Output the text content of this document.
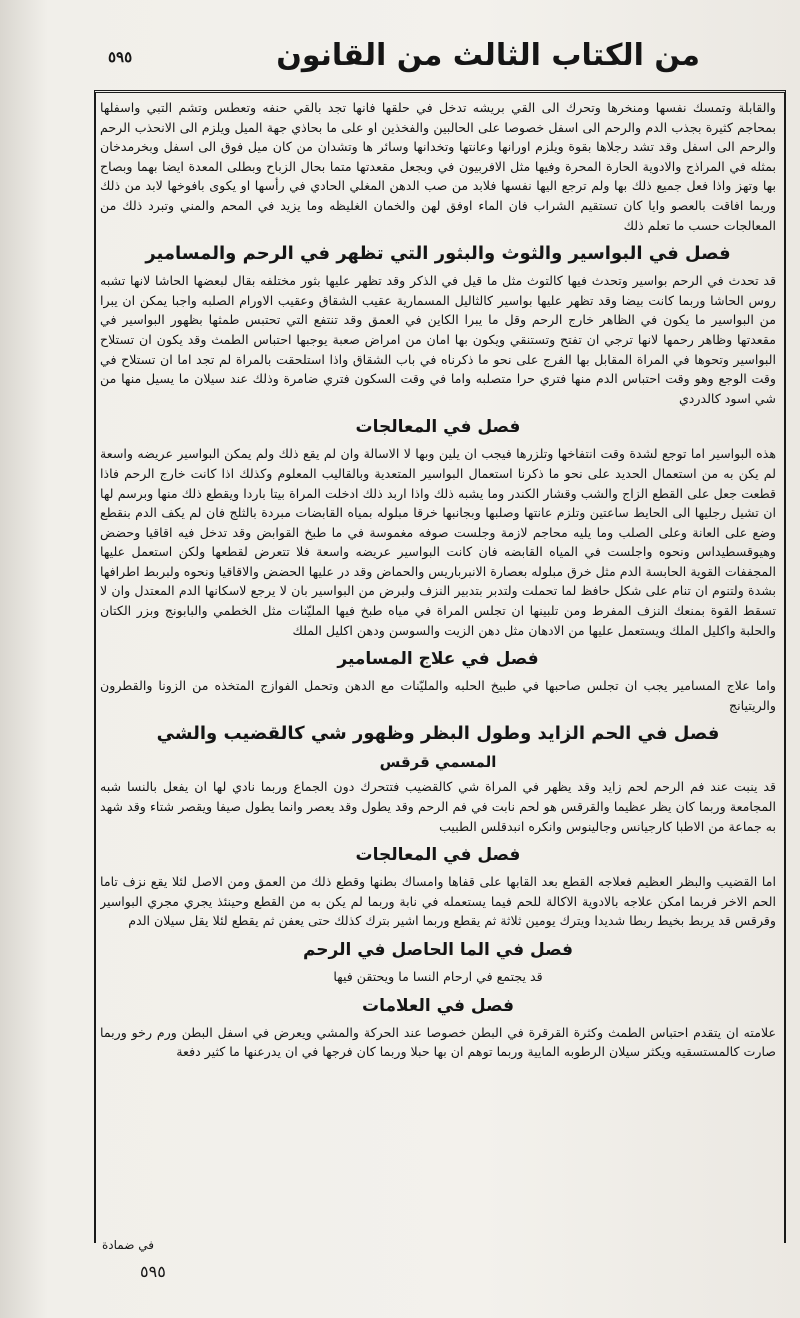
٥٩٥	من الكتاب الثالث من القانون

والقابلة وتمسك نفسها ومنخرها وتحرك الى القي بريشه تدخل في حلقها فانها تجد بالقي حنفه وتعطس وتشم التبي واسفلها بمحاجم كثيرة بجذب الدم والرحم الى اسفل خصوصا على الحالبين والفخذين او على ما بحاذي جهة الميل ويلزم الى الانحذب الرحم والرحم الى اسفل وقد تشد رجلاها بقوة ويلزم اورانها وعانتها وتخدانها وسائر ها وتشدان من كان ميل فوق الى اسفل وبخرمدخان بمثله في المراذج والادوية الحارة المحرة وفيها مثل الافربيون في وبجعل مقعدتها متما بحال الزباح وبطلى المعدة ايضا بهما وبصاح بها وتهز واذا فعل جميع ذلك بها ولم ترجع اليها نفسها فلابد من صب الدهن المغلي الحادي في رأسها او يكوى بافوخها لابد من ذلك وربما افاقت بالعصو وايا كان تستقيم الشراب فان الماء اوفق لهن والخمان الغليظه وما يزيد في المحم والمني وتبرد ذلك من المعالجات حسب ما تعلم ذلك

فصل في البواسير والثوث والبثور التي تظهر في الرحم والمسامير

قد تحدث في الرحم بواسير وتحدث فيها كالتوث مثل ما قيل في الذكر وقد تظهر عليها بثور مختلفه بقال لبعضها الحاشا لانها تشبه روس الحاشا وربما كانت بيضا وقد تظهر عليها بواسير كالثاليل المسمارية عقيب الشقاق وعقيب الاورام الصلبه واجبا يمكن ان يبرا من البواسير ما يكون في الظاهر خارج الرحم وقل ما يبرا الكاين في العمق وقد تنتفع التي تحتبس طمثها بظهور البواسير في مقعدتها وظاهر رحمها لانها ترجي ان تفتح وتستنقي ويكون بها امان من امراض صعبة يوجبها احتباس الطمث وقد يكون ان تستلاح البواسير وتحوها في المراة المقابل بها الفرج على نحو ما ذكرناه في باب الشقاق واذا استلحقت بالمراة لم تجد اما ان تستلاح في وقت الوجع وهو وقت احتباس الدم منها فتري حرا متصلبه واما في وقت السكون فتري ضامرة وذلك عند سيلان ما يسيل منها من شي اسود كالدردي

فصل في المعالجات

هذه البواسير اما توجع لشدة وقت انتفاخها وتلزرها فيجب ان يلين وبها لا الاسالة وان لم يقع ذلك ولم يمكن البواسير عريضه واسعة لم يكن به من استعمال الحديد على نحو ما ذكرنا استعمال البواسير المتعدية وبالقاليب المعلوم وكذلك اذا كانت خارج الرحم فاذا قطعت جعل على القطع الزاج والشب وقشار الكندر وما يشبه ذلك واذا اربد ذلك ادخلت المراة بيتا باردا ويقطع ذلك منها وبرسم لها ان تشيل رجليها الى الحايط ساعتين وتلزم عانتها وصلبها وبجانبها خرقا مبلوله بمياه القابضات مبردة بالثلج فان لم يكف الدم بنقطع وضع على العانة وعلى الصلب وما يليه محاجم لازمة وجلست صوفه مغموسة في ما طبخ القوابض وقد تدخل فيه اقاقيا وحضض وهيوقسطيداس ونحوه واجلست في المياه القابضه فان كانت البواسير عريضه واسعة فلا تتعرض لقطعها ولكن استعمل عليها المجففات القوية الحابسة الدم مثل خرق مبلوله بعصارة الانبرباريس والحماض وقد در عليها الحضض والاقاقيا ونحوه ولبربط اطرافها بشدة ولتنوم ان تنام على شكل حافظ لما تحملت ولتدبر بتدبير النزف ولبرض من البواسير بان لا يرجع لاسكانها الدم المعتدل وان لا تسقط القوة بمنعك النزف المفرط ومن تلبينها ان تجلس المراة في مياه طبخ فيها المليّنات مثل الخطمي والبابونج وبزر الكتان والحلبة واكليل الملك ويستعمل عليها من الادهان مثل دهن الزيت والسوسن ودهن اكليل الملك

فصل في علاج المسامير

واما علاج المسامير يجب ان تجلس صاحبها في طبيخ الحلبه والمليّنات مع الدهن وتحمل الفوازج المتخذه من الزونا والقطرون والريتيانج

فصل في الحم الزايد وطول البظر وظهور شي كالقضيب والشي
المسمي قرقس

قد ينبت عند فم الرحم لحم زايد وقد يظهر في المراة شي كالقضيب فتتحرك دون الجماع وربما نادي لها ان يفعل بالنسا شبه المجامعة وربما كان يظر عظيما والقرقس هو لحم نابت في فم الرحم وقد يطول وقد يعصر وانما يطول صيفا ويقصر شتاء وقد شهد به جماعة من الاطبا كارجيانس وجالينوس وانكره انبدقلس الطبيب

فصل في المعالجات

اما القضيب والبظر العظيم فعلاجه القطع بعد القابها على قفاها وامساك بطنها وقطع ذلك من العمق ومن الاصل لئلا يقع نزف تاما الحم الاخر فربما امكن علاجه بالادوية الاكالة للحم فيما يستعمله في نابة وربما لم يكن به من القطع وحينئذ يجري مجري البواسير وقرقس قد يربط بخيط ربطا شديدا ويترك يومين ثلاثة ثم يقطع وربما اشير بترك كذلك حتى يعفن ثم يقطع لئلا يقل سيلان الدم

فصل في الما الحاصل في الرحم

قد يجتمع في ارحام النسا ما ويحتقن فيها

فصل في العلامات

علامته ان يتقدم احتباس الطمث وكثرة القرقرة في البطن خصوصا عند الحركة والمشي ويعرض في اسفل البطن ورم رخو وربما صارت كالمستسقيه ويكثر سيلان الرطوبه المايية وربما توهم ان بها حبلا وربما كان فرجها في ان يدرعنها ما كثير دفعة

في ضمادة
٥٩٥
